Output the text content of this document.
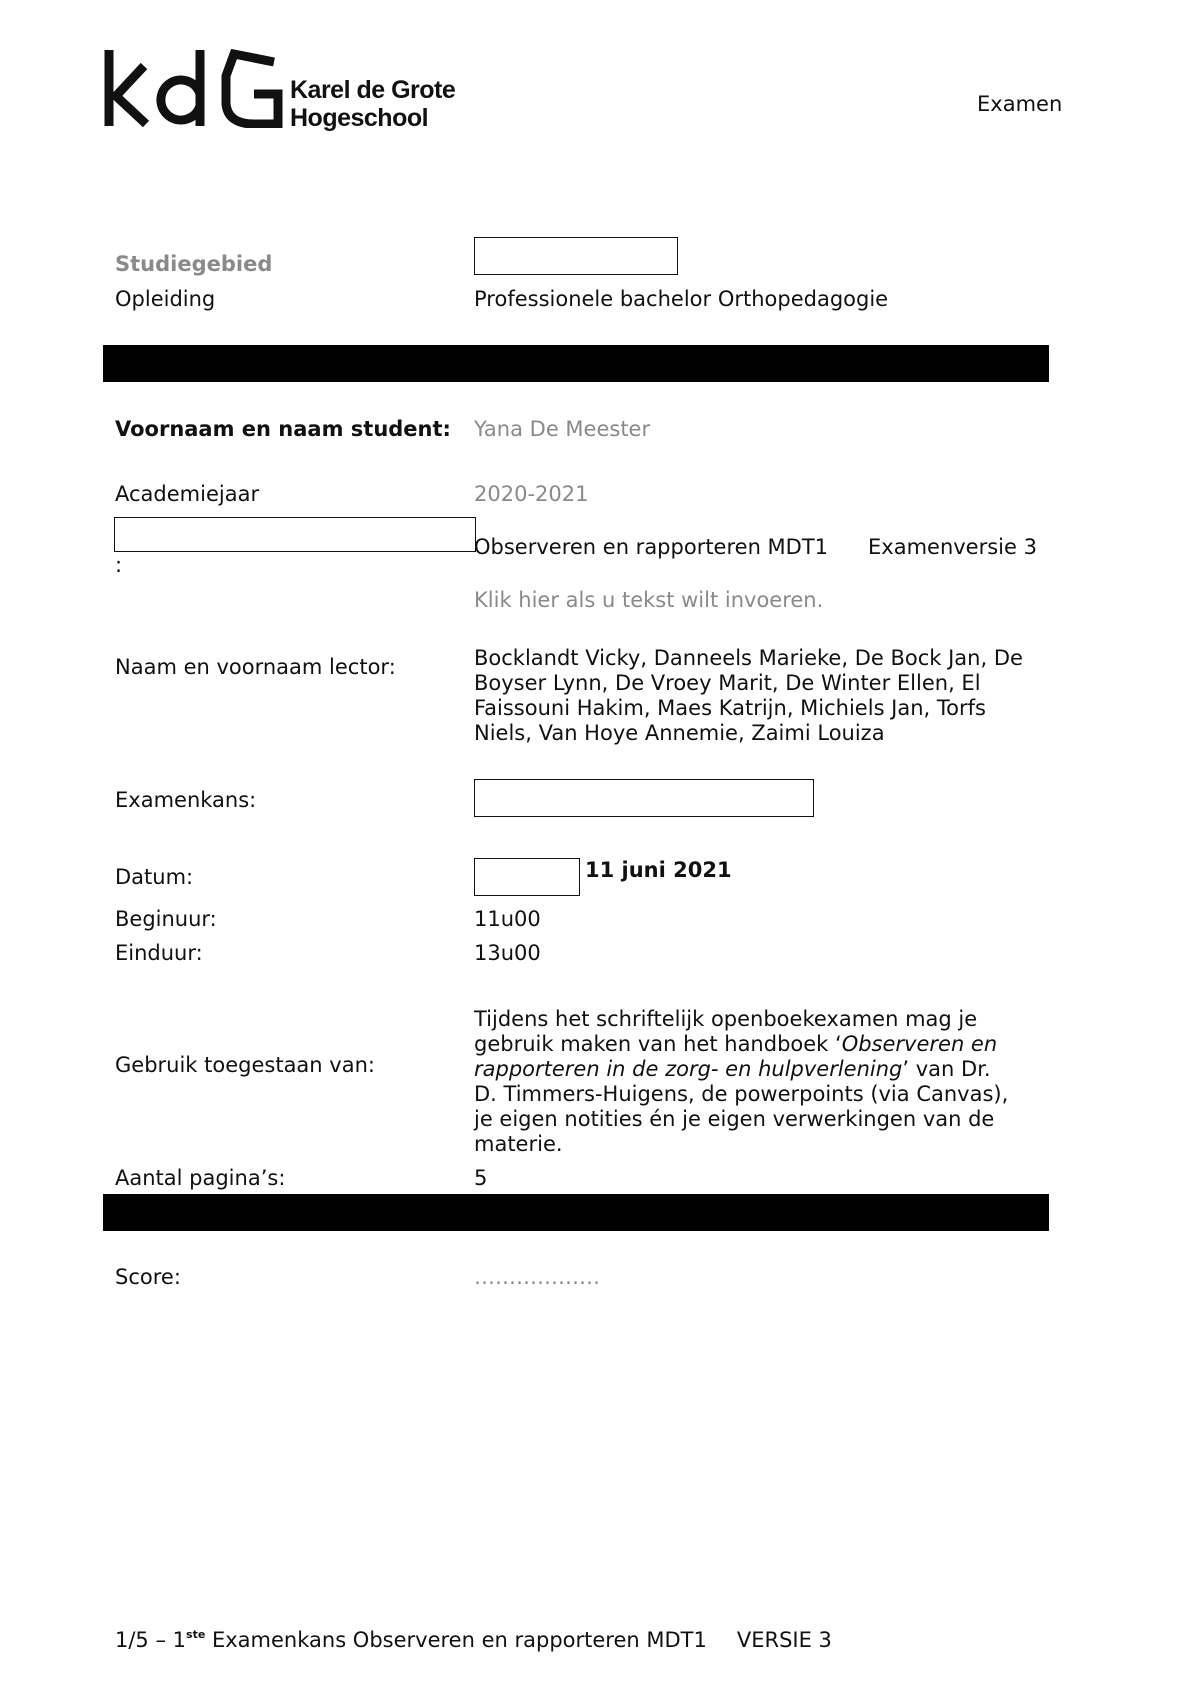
Karel de Grote
Hogeschool	Examen
Studiegebied
Opleiding	Professionele bachelor Orthopedagogie
Voornaam en naam student: Yana De Meester
Academiejaar	2020-2021
:
Observeren en rapporteren MDT1 Examenversie 3
Klik hier als u tekst wilt invoeren.
Naam en voornaam lector:	Bocklandt Vicky, Danneels Marieke, De Bock Jan, De Boyser Lynn, De Vroey Marit, De Winter Ellen, El Faissouni Hakim, Maes Katrijn, Michiels Jan, Torfs Niels, Van Hoye Annemie, Zaimi Louiza
Examenkans:
Datum:	11 juni 2021
Beginuur:	11u00
Einduur:	13u00
Gebruik toegestaan van:
Tijdens het schriftelijk openboekexamen mag je gebruik maken van het handboek ‘Observeren en rapporteren in de zorg- en hulpverlening’ van Dr. D. Timmers-Huigens, de powerpoints (via Canvas), je eigen notities én je eigen verwerkingen van de materie.
Aantal pagina’s:	5
Score:	………………
1/5 – 1ste Examenkans Observeren en rapporteren MDT1 VERSIE 3
